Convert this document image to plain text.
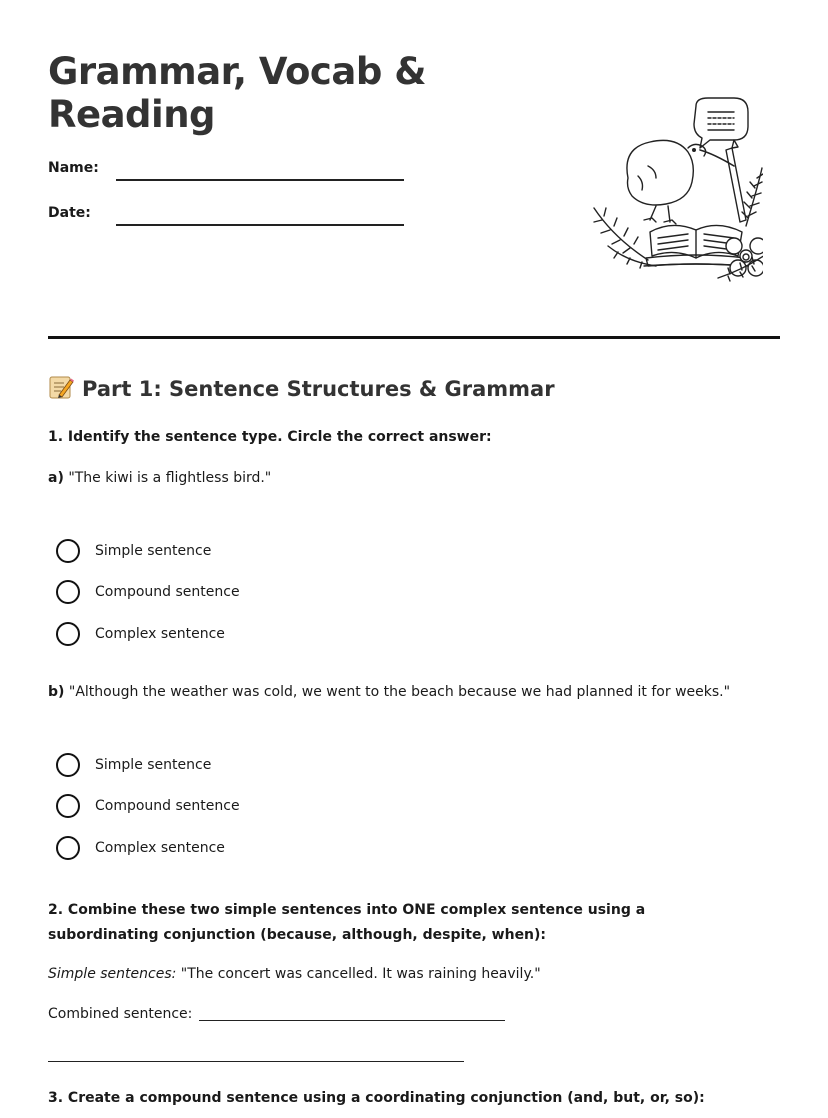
Grammar, Vocab &
Reading
Name:
Date:
Part 1: Sentence Structures & Grammar

1. Identify the sentence type. Circle the correct answer:

a) "The kiwi is a flightless bird."

Simple sentence
Compound sentence
Complex sentence

b) "Although the weather was cold, we went to the beach because we had planned it for weeks."

Simple sentence
Compound sentence
Complex sentence

2. Combine these two simple sentences into ONE complex sentence using a subordinating conjunction (because, although, despite, when):

Simple sentences: "The concert was cancelled. It was raining heavily."

Combined sentence:

3. Create a compound sentence using a coordinating conjunction (and, but, or, so):
